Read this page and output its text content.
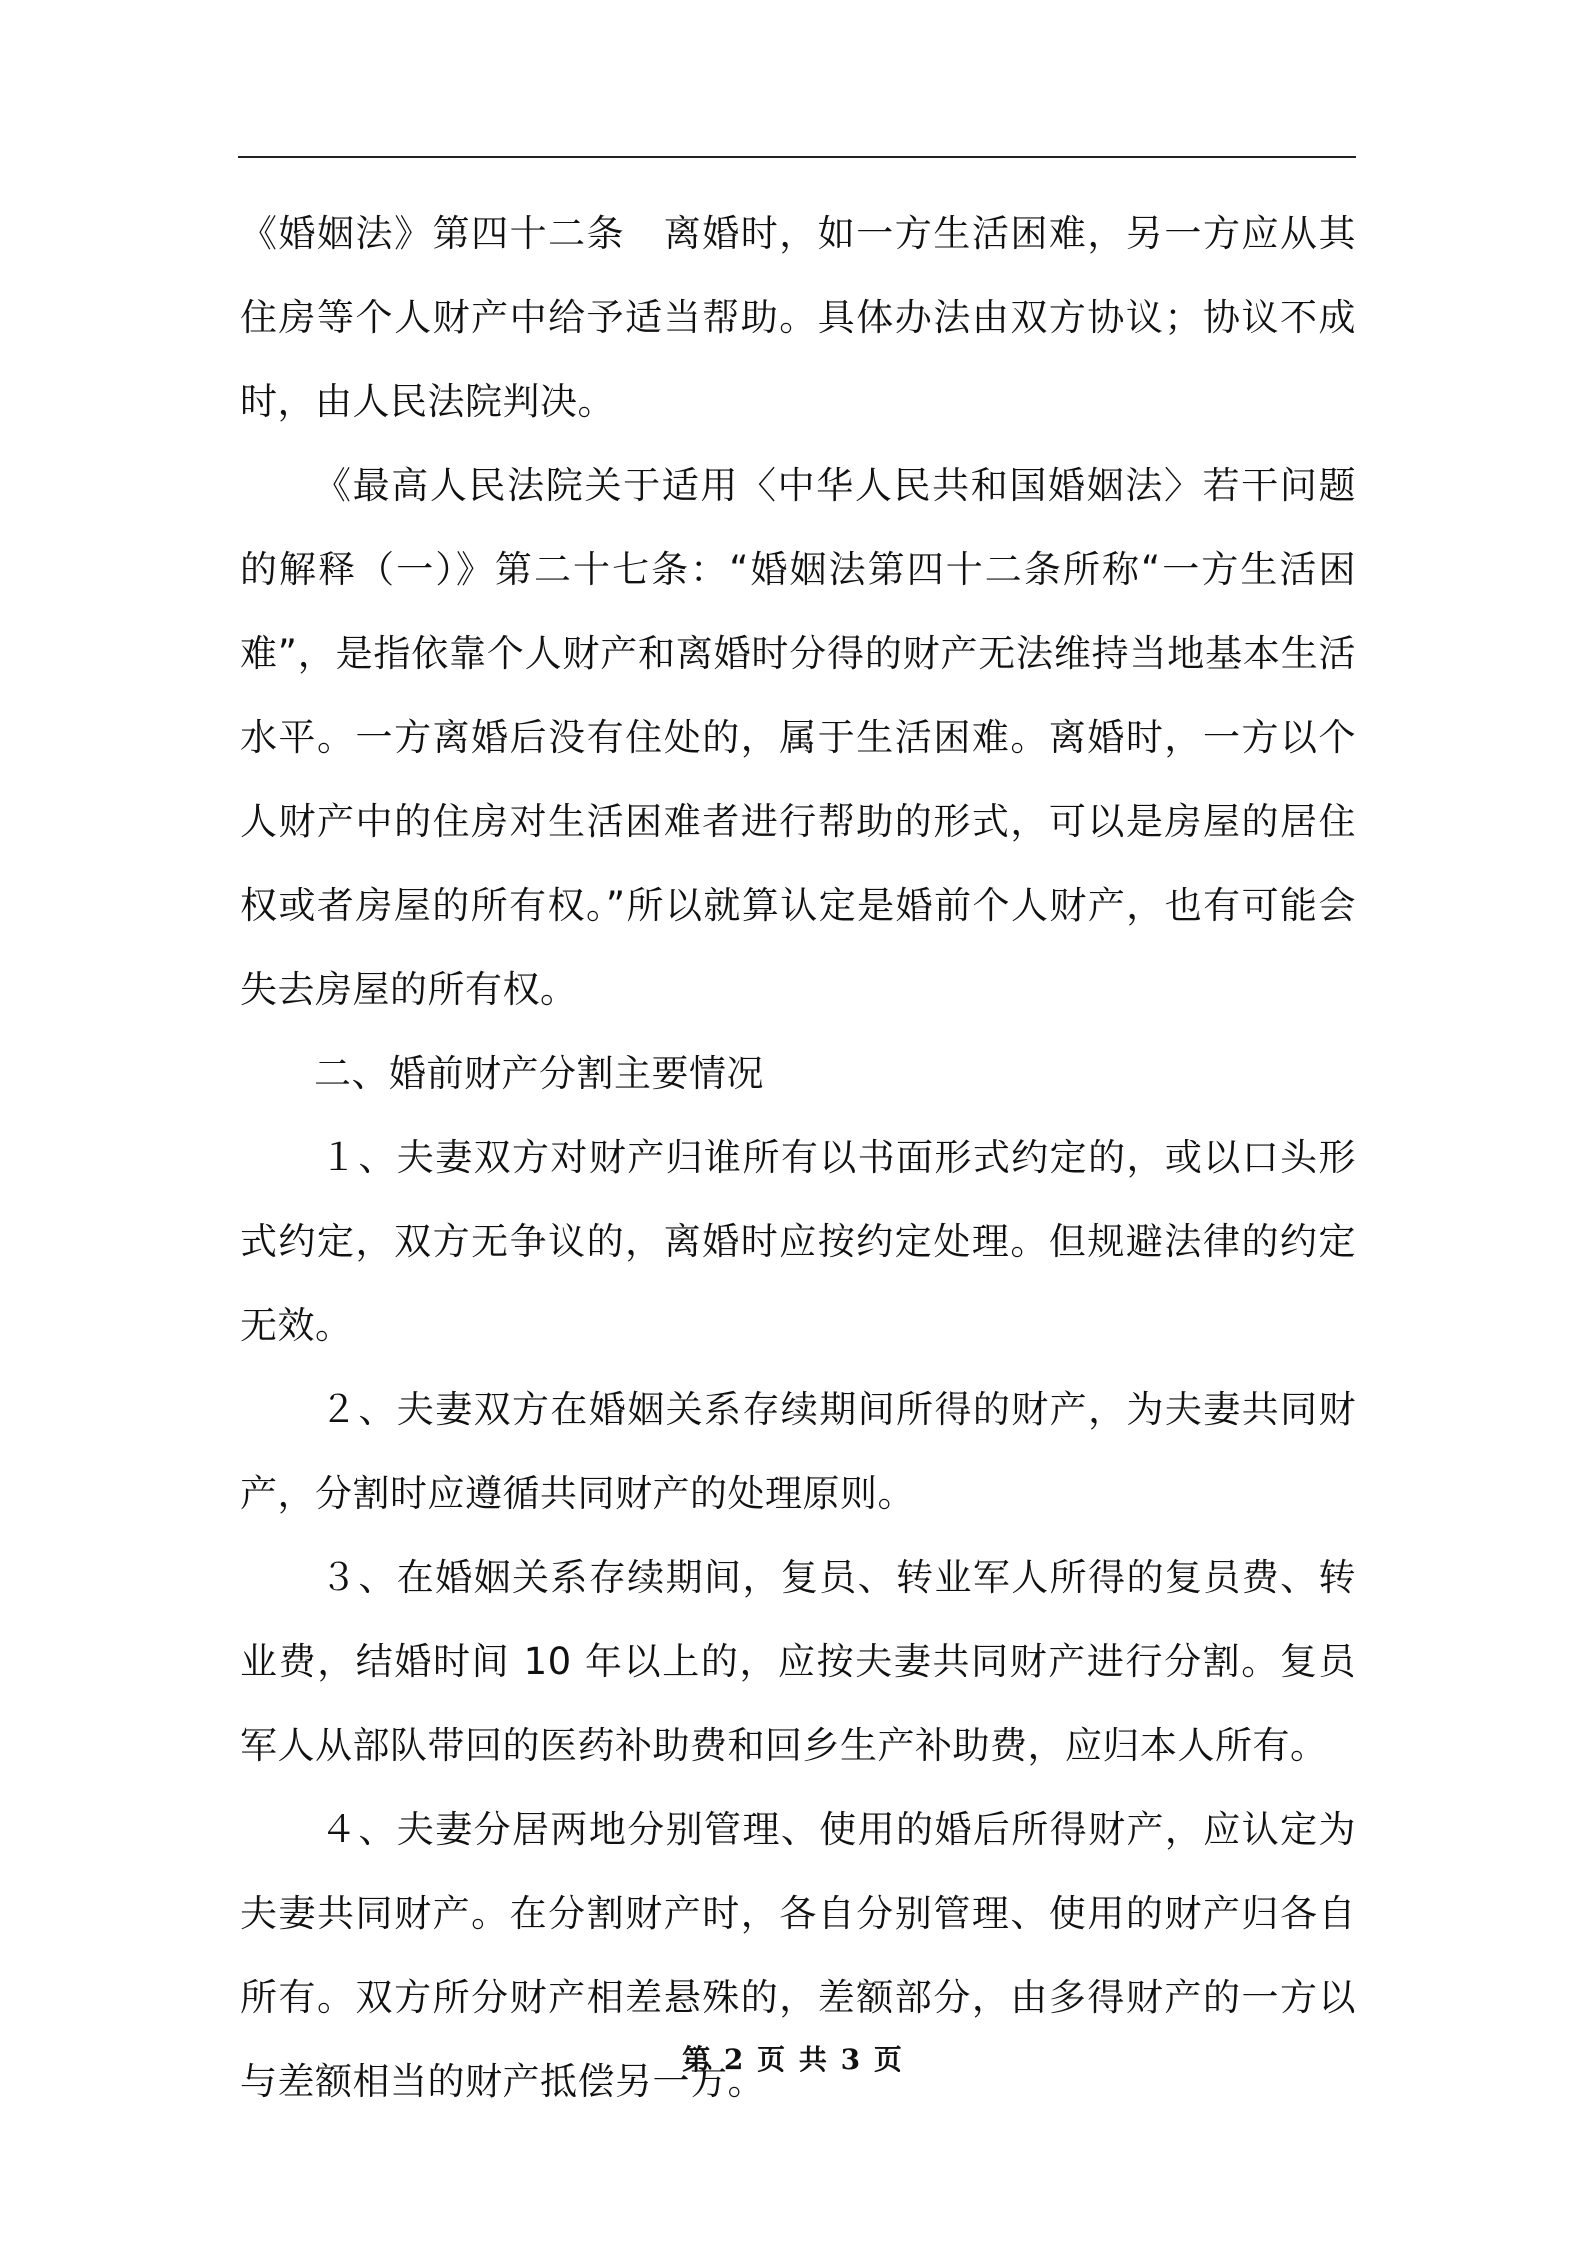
《婚姻法》第四十二条　离婚时，如一方生活困难，另一方应从其住房等个人财产中给予适当帮助。具体办法由双方协议；协议不成时，由人民法院判决。

《最高人民法院关于适用〈中华人民共和国婚姻法〉若干问题的解释（一）》第二十七条：“婚姻法第四十二条所称“一方生活困难”，是指依靠个人财产和离婚时分得的财产无法维持当地基本生活水平。一方离婚后没有住处的，属于生活困难。离婚时，一方以个人财产中的住房对生活困难者进行帮助的形式，可以是房屋的居住权或者房屋的所有权。”所以就算认定是婚前个人财产，也有可能会失去房屋的所有权。

二、婚前财产分割主要情况

１、夫妻双方对财产归谁所有以书面形式约定的，或以口头形式约定，双方无争议的，离婚时应按约定处理。但规避法律的约定无效。

２、夫妻双方在婚姻关系存续期间所得的财产，为夫妻共同财产，分割时应遵循共同财产的处理原则。

３、在婚姻关系存续期间，复员、转业军人所得的复员费、转业费，结婚时间 10 年以上的，应按夫妻共同财产进行分割。复员军人从部队带回的医药补助费和回乡生产补助费，应归本人所有。

４、夫妻分居两地分别管理、使用的婚后所得财产，应认定为夫妻共同财产。在分割财产时，各自分别管理、使用的财产归各自所有。双方所分财产相差悬殊的，差额部分，由多得财产的一方以与差额相当的财产抵偿另一方。

第 2 页 共 3 页
